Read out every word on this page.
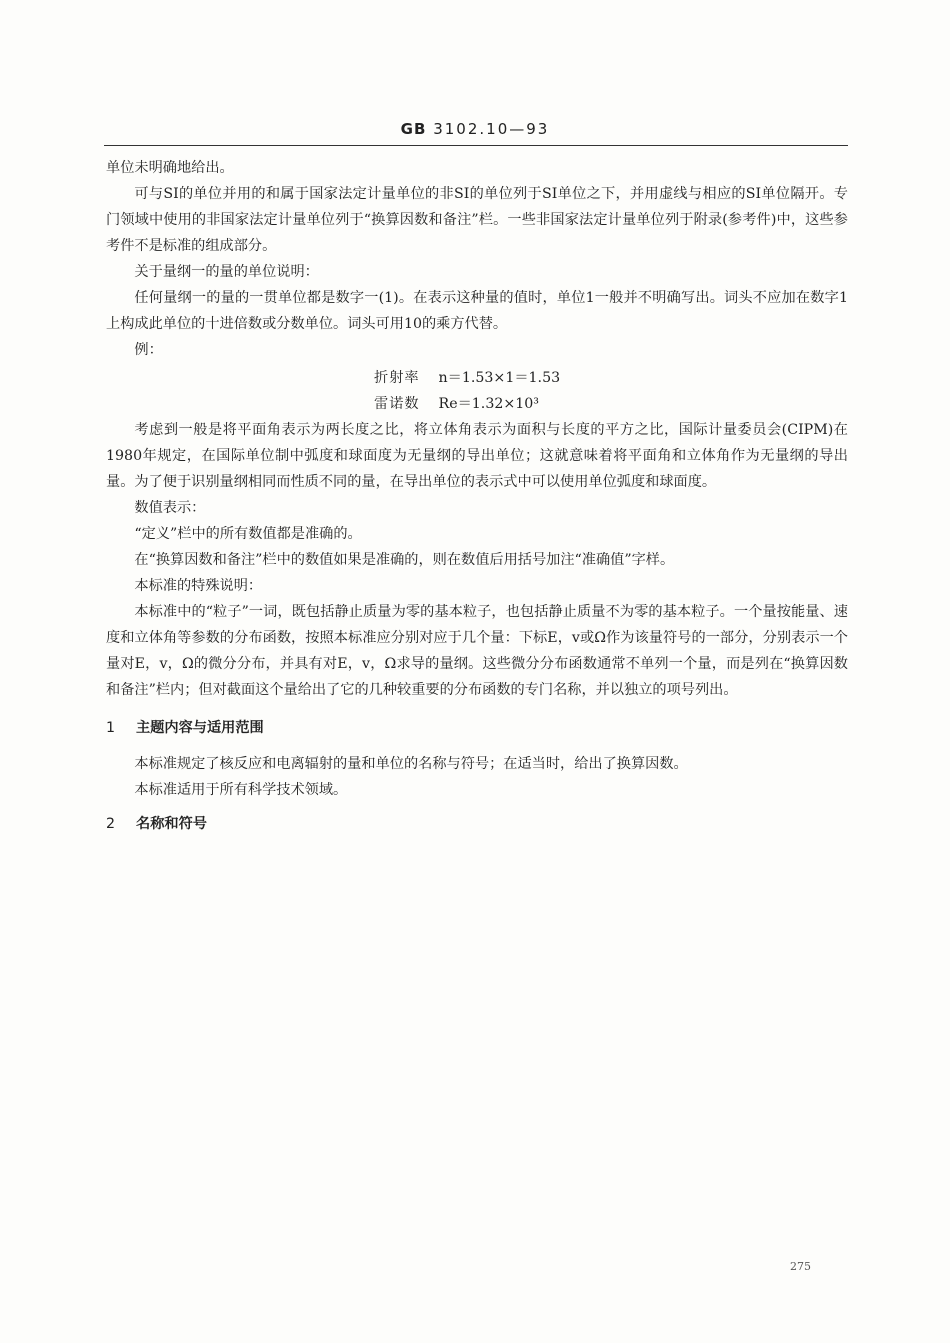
GB 3102.10—93

单位未明确地给出。

可与SI的单位并用的和属于国家法定计量单位的非SI的单位列于SI单位之下，并用虚线与相应的SI单位隔开。专门领域中使用的非国家法定计量单位列于“换算因数和备注”栏。一些非国家法定计量单位列于附录(参考件)中，这些参考件不是标准的组成部分。

关于量纲一的量的单位说明：

任何量纲一的量的一贯单位都是数字一(1)。在表示这种量的值时，单位1一般并不明确写出。词头不应加在数字1上构成此单位的十进倍数或分数单位。词头可用10的乘方代替。

例：

折射率 n＝1.53×1＝1.53
雷诺数 Re＝1.32×10³

考虑到一般是将平面角表示为两长度之比，将立体角表示为面积与长度的平方之比，国际计量委员会(CIPM)在1980年规定，在国际单位制中弧度和球面度为无量纲的导出单位；这就意味着将平面角和立体角作为无量纲的导出量。为了便于识别量纲相同而性质不同的量，在导出单位的表示式中可以使用单位弧度和球面度。

数值表示：

“定义”栏中的所有数值都是准确的。

在“换算因数和备注”栏中的数值如果是准确的，则在数值后用括号加注“准确值”字样。

本标准的特殊说明：

本标准中的“粒子”一词，既包括静止质量为零的基本粒子，也包括静止质量不为零的基本粒子。一个量按能量、速度和立体角等参数的分布函数，按照本标准应分别对应于几个量：下标E，v或Ω作为该量符号的一部分，分别表示一个量对E，v，Ω的微分分布，并具有对E，v，Ω求导的量纲。这些微分分布函数通常不单列一个量，而是列在“换算因数和备注”栏内；但对截面这个量给出了它的几种较重要的分布函数的专门名称，并以独立的项号列出。

1 主题内容与适用范围

本标准规定了核反应和电离辐射的量和单位的名称与符号；在适当时，给出了换算因数。

本标准适用于所有科学技术领域。

2 名称和符号

275
